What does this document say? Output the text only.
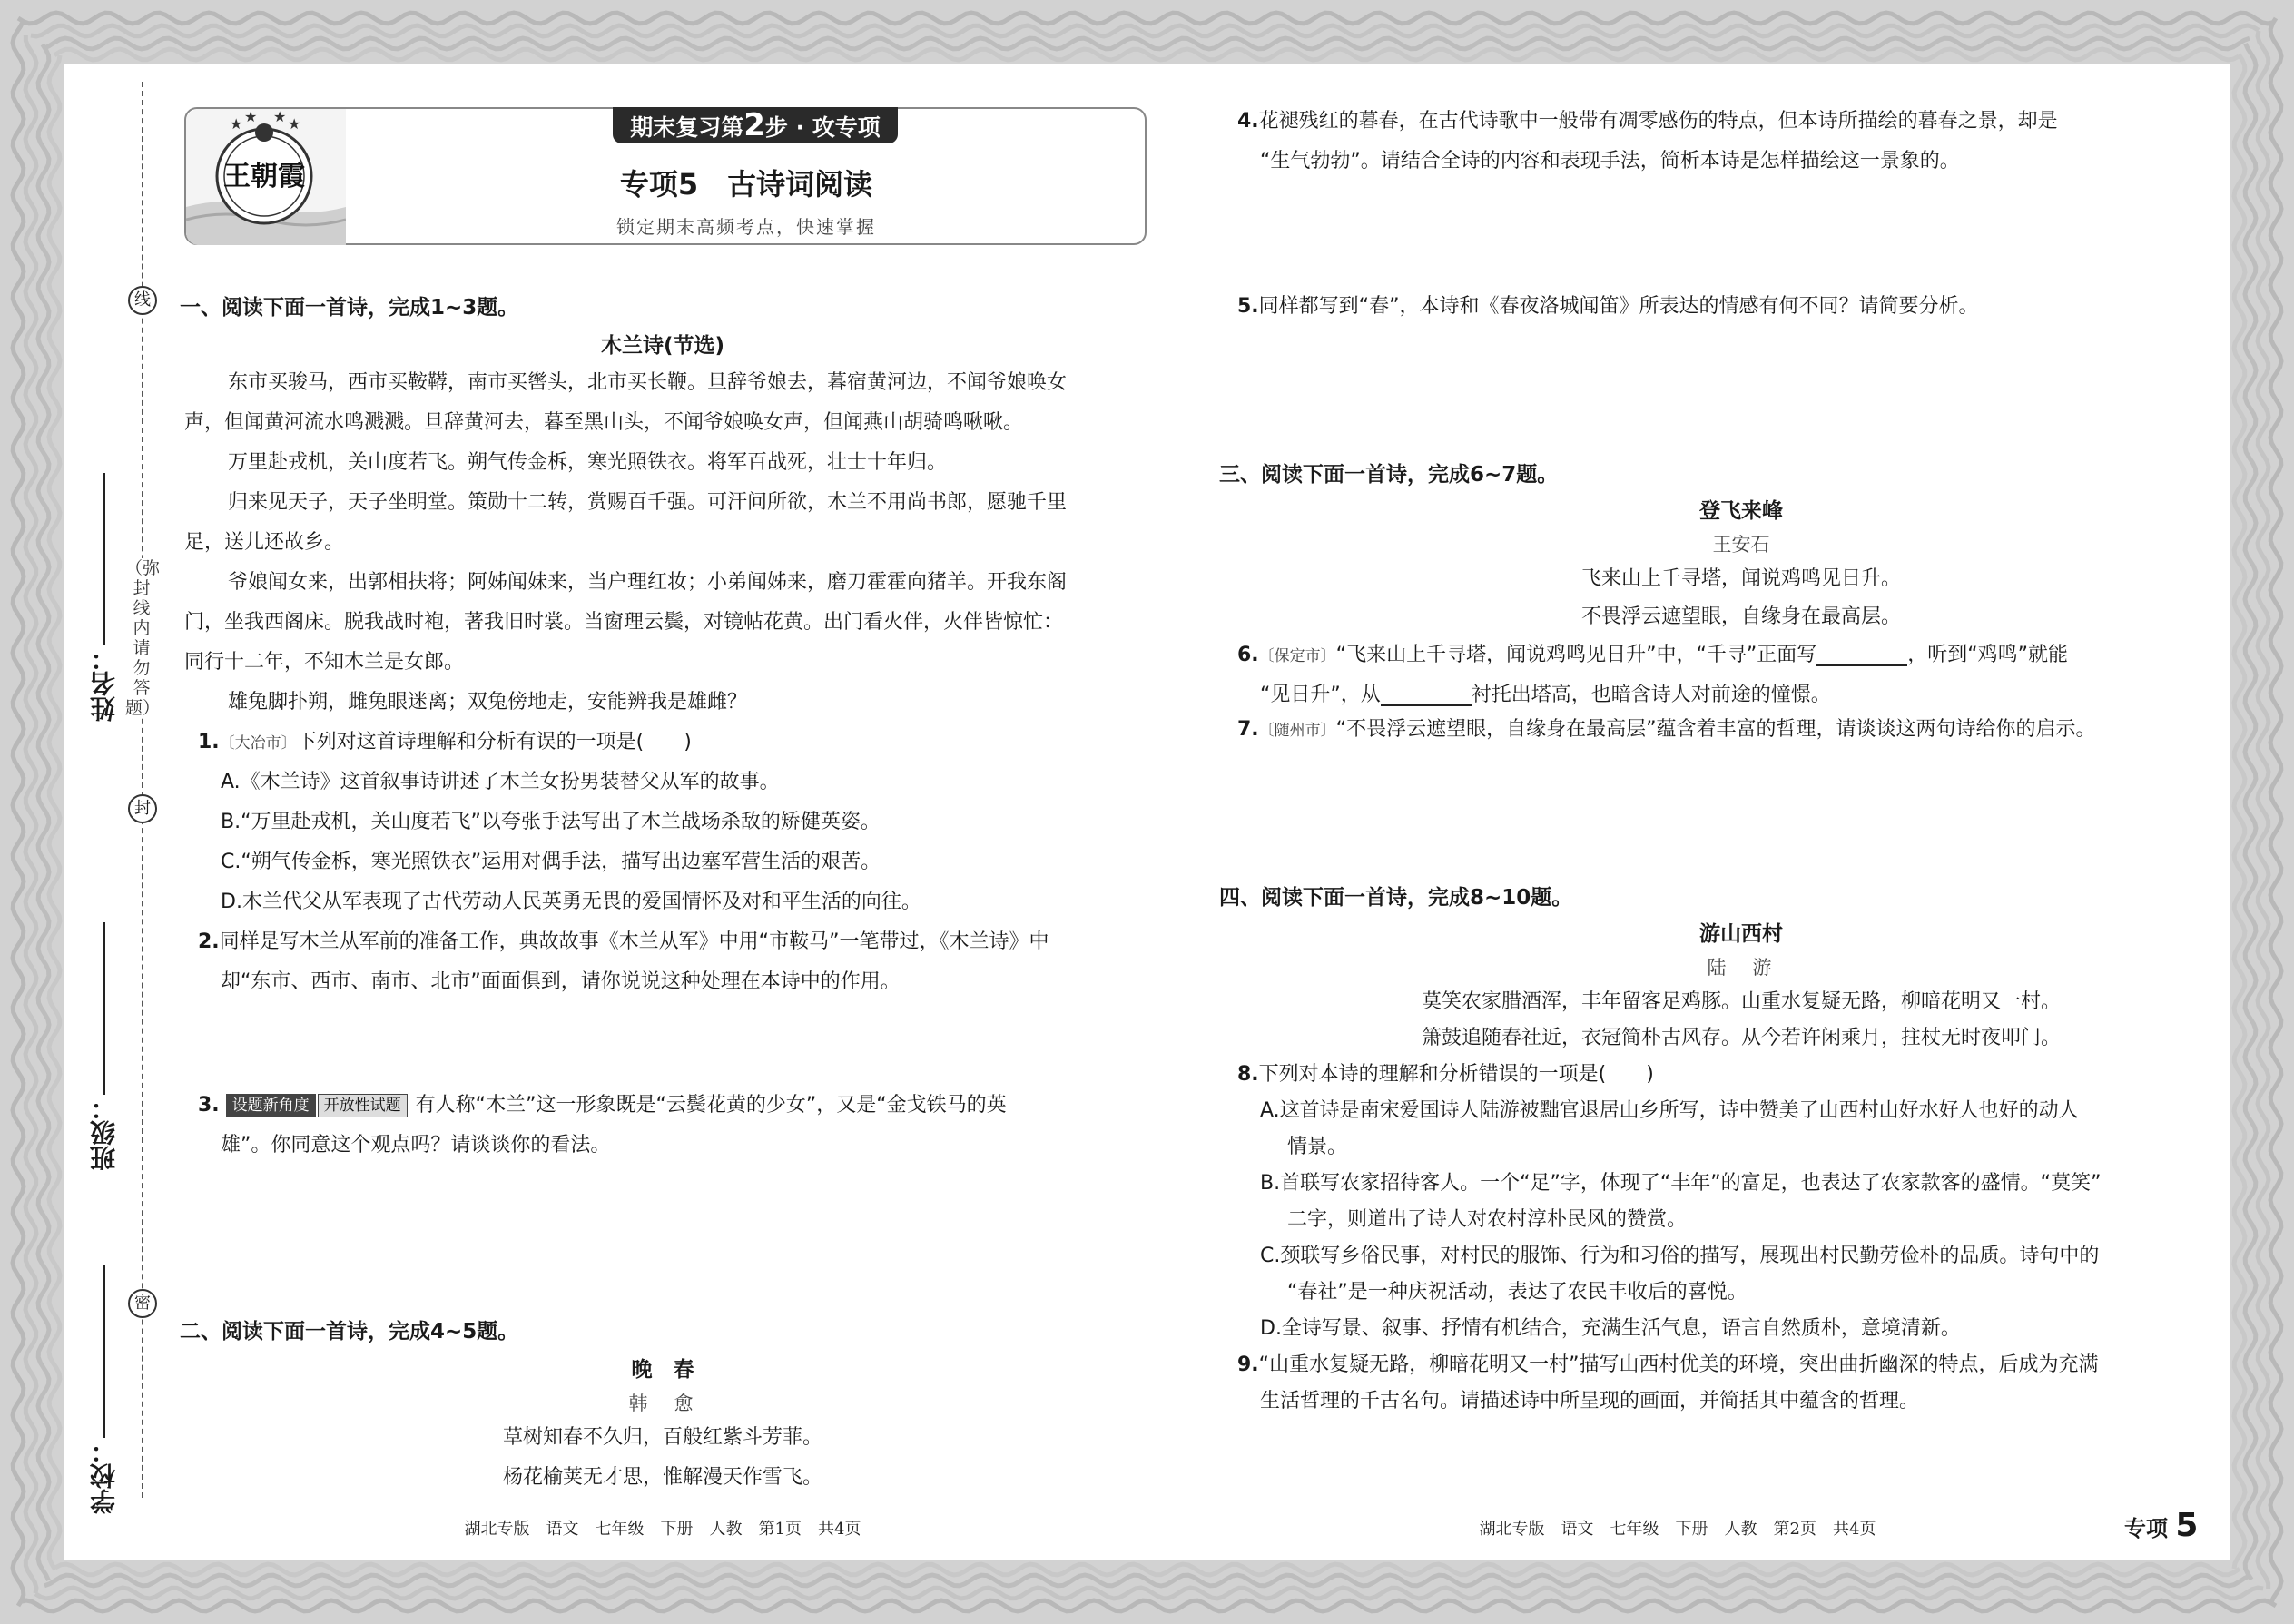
姓名：
班级：
学校：
线
封
密
（弥封线内请勿答题）
★ ★ ★ ★
王朝霞
期末复习第2步 · 攻专项
专项5　古诗词阅读
锁定期末高频考点，快速掌握
一、阅读下面一首诗，完成1~3题。
木兰诗(节选)
东市买骏马，西市买鞍鞯，南市买辔头，北市买长鞭。旦辞爷娘去，暮宿黄河边，不闻爷娘唤女
声，但闻黄河流水鸣溅溅。旦辞黄河去，暮至黑山头，不闻爷娘唤女声，但闻燕山胡骑鸣啾啾。
万里赴戎机，关山度若飞。朔气传金柝，寒光照铁衣。将军百战死，壮士十年归。
归来见天子，天子坐明堂。策勋十二转，赏赐百千强。可汗问所欲，木兰不用尚书郎，愿驰千里
足，送儿还故乡。
爷娘闻女来，出郭相扶将；阿姊闻妹来，当户理红妆；小弟闻姊来，磨刀霍霍向猪羊。开我东阁
门，坐我西阁床。脱我战时袍，著我旧时裳。当窗理云鬓，对镜帖花黄。出门看火伴，火伴皆惊忙：
同行十二年，不知木兰是女郎。
雄兔脚扑朔，雌兔眼迷离；双兔傍地走，安能辨我是雄雌？
1.〔大冶市〕下列对这首诗理解和分析有误的一项是(　　)
A.《木兰诗》这首叙事诗讲述了木兰女扮男装替父从军的故事。
B.“万里赴戎机，关山度若飞”以夸张手法写出了木兰战场杀敌的矫健英姿。
C.“朔气传金柝，寒光照铁衣”运用对偶手法，描写出边塞军营生活的艰苦。
D.木兰代父从军表现了古代劳动人民英勇无畏的爱国情怀及对和平生活的向往。
2.同样是写木兰从军前的准备工作，典故故事《木兰从军》中用“市鞍马”一笔带过，《木兰诗》中
却“东市、西市、南市、北市”面面俱到，请你说说这种处理在本诗中的作用。
3. 设题新角度 开放性试题 有人称“木兰”这一形象既是“云鬓花黄的少女”，又是“金戈铁马的英
雄”。你同意这个观点吗？请谈谈你的看法。
二、阅读下面一首诗，完成4~5题。
晚　春
韩　愈
草树知春不久归，百般红紫斗芳菲。
杨花榆荚无才思，惟解漫天作雪飞。
湖北专版　语文　七年级　下册　人教　第1页　共4页
4.花褪残红的暮春，在古代诗歌中一般带有凋零感伤的特点，但本诗所描绘的暮春之景，却是
“生气勃勃”。请结合全诗的内容和表现手法，简析本诗是怎样描绘这一景象的。
5.同样都写到“春”，本诗和《春夜洛城闻笛》所表达的情感有何不同？请简要分析。
三、阅读下面一首诗，完成6~7题。
登飞来峰
王安石
飞来山上千寻塔，闻说鸡鸣见日升。
不畏浮云遮望眼，自缘身在最高层。
6.〔保定市〕“飞来山上千寻塔，闻说鸡鸣见日升”中，“千寻”正面写	，听到“鸡鸣”就能
“见日升”，从	衬托出塔高，也暗含诗人对前途的憧憬。
7.〔随州市〕“不畏浮云遮望眼，自缘身在最高层”蕴含着丰富的哲理，请谈谈这两句诗给你的启示。
四、阅读下面一首诗，完成8~10题。
游山西村
陆　游
莫笑农家腊酒浑，丰年留客足鸡豚。山重水复疑无路，柳暗花明又一村。
箫鼓追随春社近，衣冠简朴古风存。从今若许闲乘月，拄杖无时夜叩门。
8.下列对本诗的理解和分析错误的一项是(　　)
A.这首诗是南宋爱国诗人陆游被黜官退居山乡所写，诗中赞美了山西村山好水好人也好的动人
情景。
B.首联写农家招待客人。一个“足”字，体现了“丰年”的富足，也表达了农家款客的盛情。“莫笑”
二字，则道出了诗人对农村淳朴民风的赞赏。
C.颈联写乡俗民事，对村民的服饰、行为和习俗的描写，展现出村民勤劳俭朴的品质。诗句中的
“春社”是一种庆祝活动，表达了农民丰收后的喜悦。
D.全诗写景、叙事、抒情有机结合，充满生活气息，语言自然质朴，意境清新。
9.“山重水复疑无路，柳暗花明又一村”描写山西村优美的环境，突出曲折幽深的特点，后成为充满
生活哲理的千古名句。请描述诗中所呈现的画面，并简括其中蕴含的哲理。
湖北专版　语文　七年级　下册　人教　第2页　共4页	专项 5
